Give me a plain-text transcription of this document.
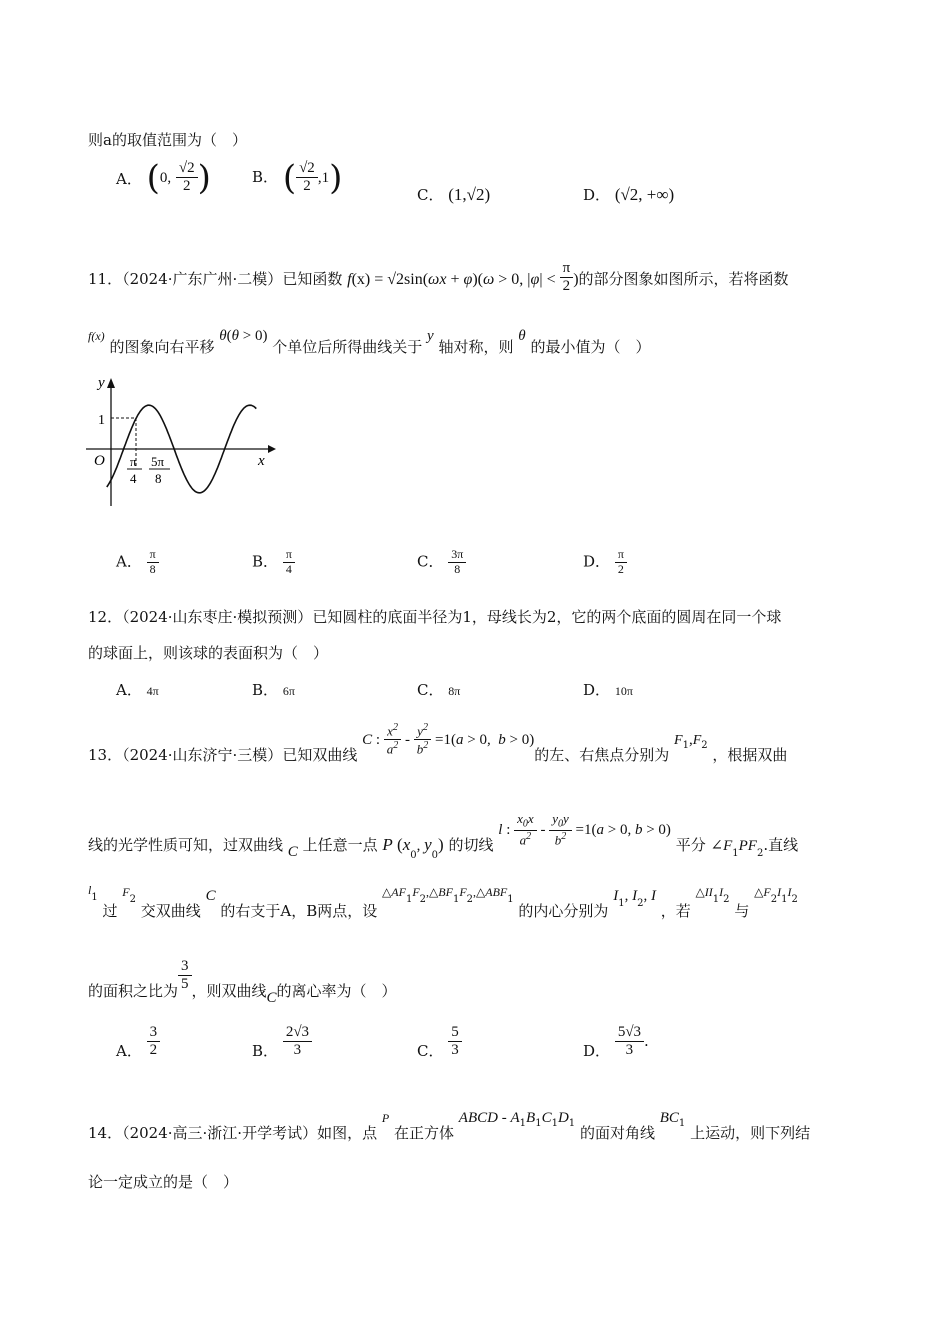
则a的取值范围为（　）
A． (0, $\frac{√2}{2}$ )	B． ( $\frac{√2}{2} ,1$)	C． (1,√2)	D． (√2, +∞)
11．（2024·广东广州·二模）已知函数 f(x) = √2sin(ωx + φ)(ω > 0, $|\varphi| < \frac{\pi}{2}$ )的部分图象如图所示，若将函数
$^{f(x)}$ 的图象向右平移 θ(θ > 0) 个单位后所得曲线关于 y 轴对称，则 θ 的最小值为（　）
y
x
O
1
π
4
5π
8
A． $\frac{\pi}{8}$	B． $\frac{\pi}{4}$	C． $\frac{3\pi}{8}$	D． $\frac{\pi}{2}$
12．（2024·山东枣庄·模拟预测）已知圆柱的底面半径为1，母线长为2，它的两个底面的圆周在同一个球
的球面上，则该球的表面积为（　）
A． 4π	B． 6π	C． 8π	D． 10π
13．（2024·山东济宁·三模）已知双曲线 C : $\frac{x^2}{a^2} - \frac{y^2}{b^2} =1(a > 0$,  b > 0)的左、右焦点分别为 $F_1,F_2$ ，根据双曲
线的光学性质可知，过双曲线 C 上任意一点 P ($x_0$, $y_0$) 的切线 l : $\frac{x_0x}{a^2} - \frac{y_0y}{b^2} =1(a > 0$, b > 0) 平分 $\angle F_1PF_2$.直线
$^l_1$ 过 $^F_2$ 交双曲线 C 的右支于A，B两点，设 $^{\triangle AF}_1^F_2^{,\triangle BF}_1^F_2^{,\triangle ABF}_1$ 的内心分别为 $I_1$, $I_2$, I ，若 $^{\triangle II}_1^I_2$ 与 $^{\triangle F}_2^I_1^I_2$
的面积之比为 $\frac{3}{5}$ ，则双曲线C的离心率为（　）
A． $\frac{3}{2}$	B． $\frac{2√3}{3}$	C． $\frac{5}{3}$	D． $\frac{5√3}{3}$ .
14．（2024·高三·浙江·开学考试）如图，点 P 在正方体 ABCD - $A_1B_1C_1D_1$ 的面对角线 $BC_1$ 上运动，则下列结
论一定成立的是（　）
